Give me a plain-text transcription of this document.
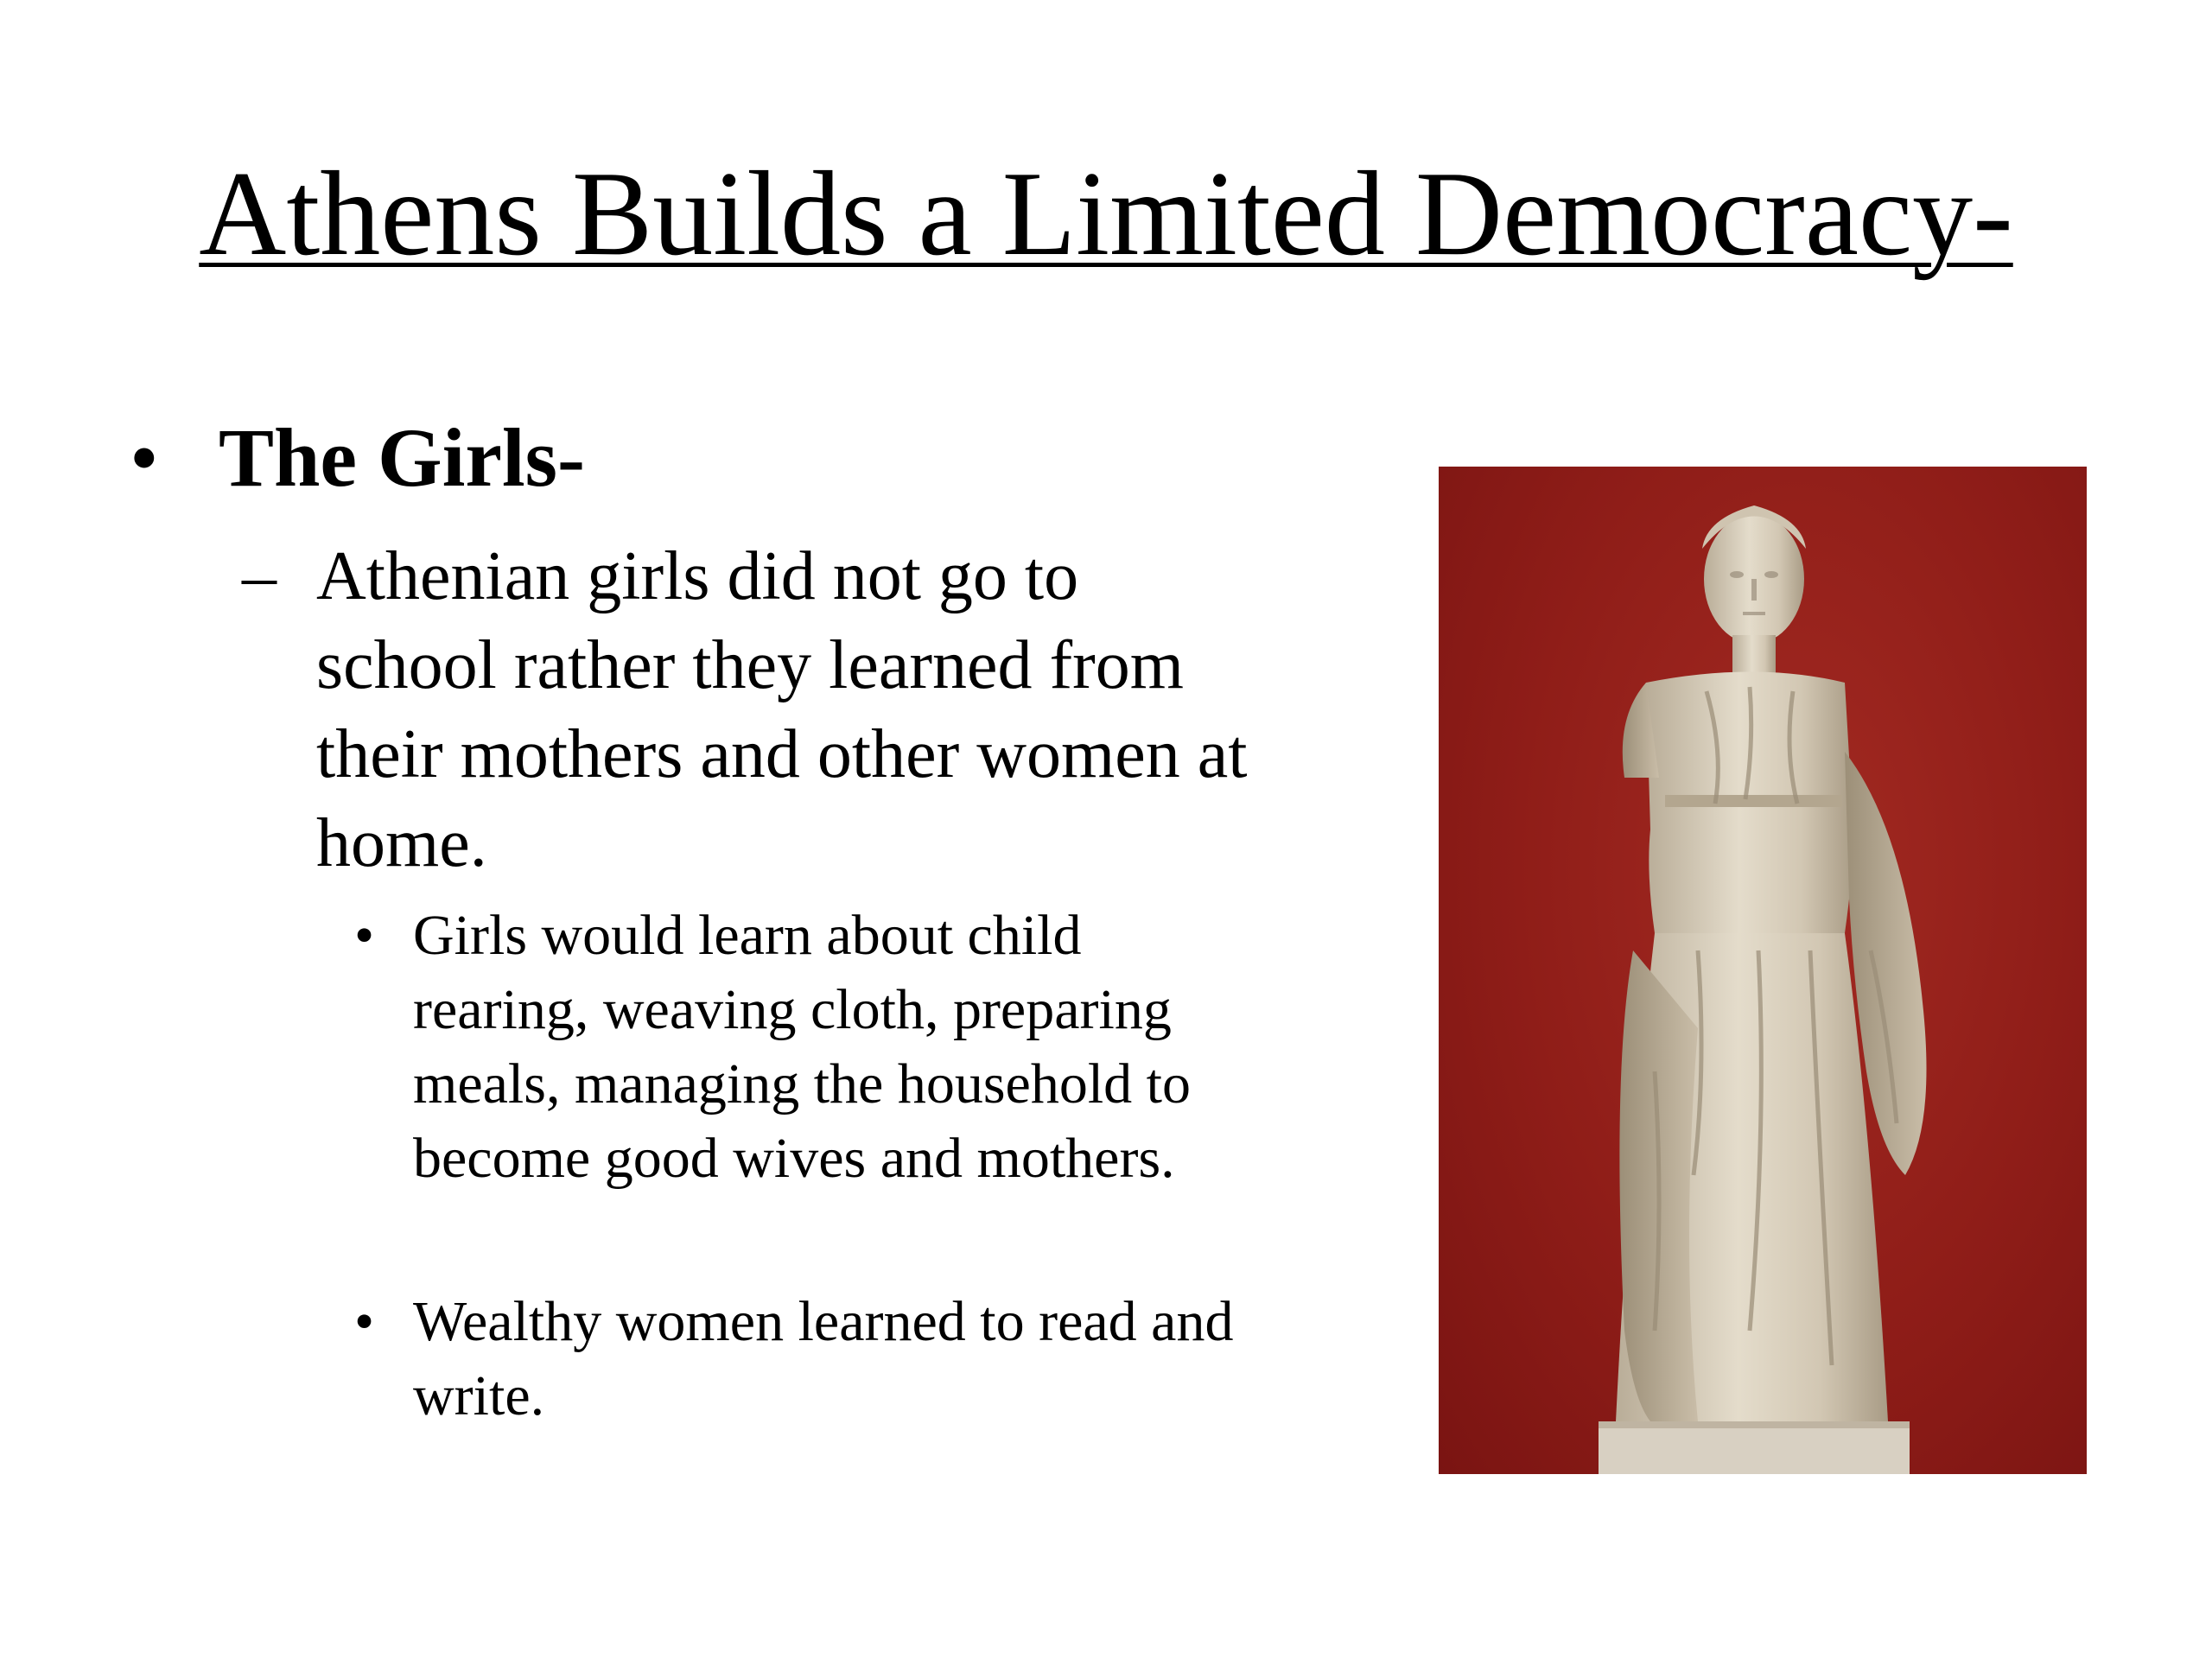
Athens Builds a Limited Democracy-
• The Girls-
– Athenian girls did not go to school rather they learned from their mothers and other women at home.
• Girls would learn about child rearing, weaving cloth, preparing meals, managing the household to become good wives and mothers.
• Wealthy women learned to read and write.
